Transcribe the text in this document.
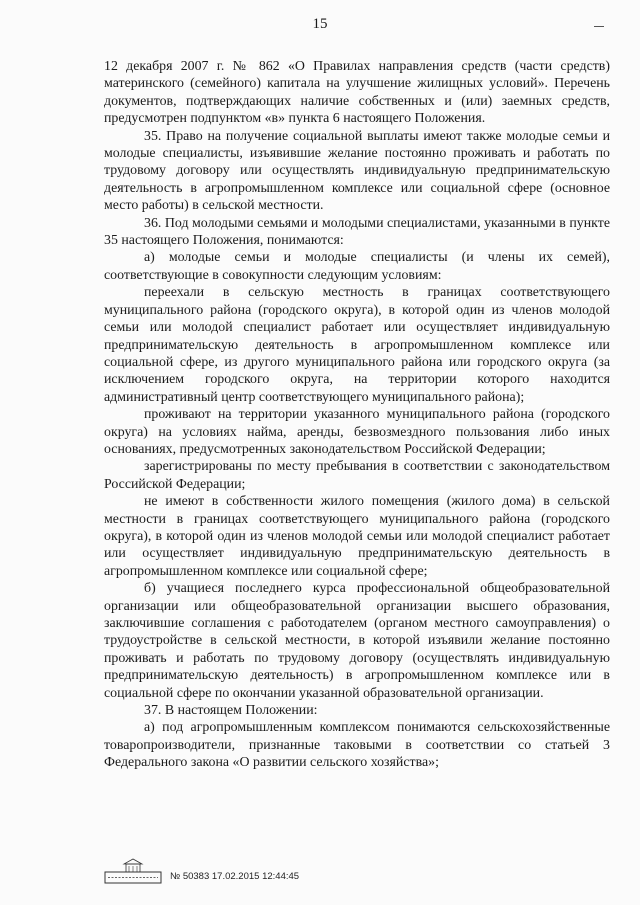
15

12 декабря 2007 г. № 862 «О Правилах направления средств (части средств) материнского (семейного) капитала на улучшение жилищных условий». Перечень документов, подтверждающих наличие собственных и (или) заемных средств, предусмотрен подпунктом «в» пункта 6 настоящего Положения.

35. Право на получение социальной выплаты имеют также молодые семьи и молодые специалисты, изъявившие желание постоянно проживать и работать по трудовому договору или осуществлять индивидуальную предпринимательскую деятельность в агропромышленном комплексе или социальной сфере (основное место работы) в сельской местности.

36. Под молодыми семьями и молодыми специалистами, указанными в пункте 35 настоящего Положения, понимаются:

а) молодые семьи и молодые специалисты (и члены их семей), соответствующие в совокупности следующим условиям:

переехали в сельскую местность в границах соответствующего муниципального района (городского округа), в которой один из членов молодой семьи или молодой специалист работает или осуществляет индивидуальную предпринимательскую деятельность в агропромышленном комплексе или социальной сфере, из другого муниципального района или городского округа (за исключением городского округа, на территории которого находится административный центр соответствующего муниципального района);

проживают на территории указанного муниципального района (городского округа) на условиях найма, аренды, безвозмездного пользования либо иных основаниях, предусмотренных законодательством Российской Федерации;

зарегистрированы по месту пребывания в соответствии с законодательством Российской Федерации;

не имеют в собственности жилого помещения (жилого дома) в сельской местности в границах соответствующего муниципального района (городского округа), в которой один из членов молодой семьи или молодой специалист работает или осуществляет индивидуальную предпринимательскую деятельность в агропромышленном комплексе или социальной сфере;

б) учащиеся последнего курса профессиональной общеобразовательной организации или общеобразовательной организации высшего образования, заключившие соглашения с работодателем (органом местного самоуправления) о трудоустройстве в сельской местности, в которой изъявили желание постоянно проживать и работать по трудовому договору (осуществлять индивидуальную предпринимательскую деятельность) в агропромышленном комплексе или в социальной сфере по окончании указанной образовательной организации.

37. В настоящем Положении:

а) под агропромышленным комплексом понимаются сельскохозяйственные товаропроизводители, признанные таковыми в соответствии со статьей 3 Федерального закона «О развитии сельского хозяйства»;

№ 50383 17.02.2015 12:44:45
